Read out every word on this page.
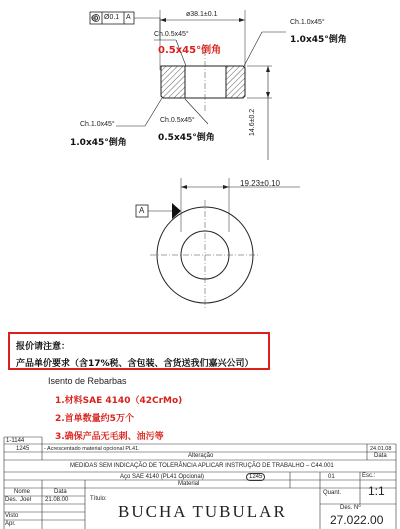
◎ Ø0.1 A	ø38.1±0.1
Ch.0.5x45°
0.5x45°倒角
Ch.1.0x45°
1.0x45°倒角
Ch.1.0x45°
1.0x45°倒角
Ch.0.5x45°
0.5x45°倒角
14.6±0.2
19.23±0.10
A
报价请注意：
产品单价要求（含17%税、含包装、含货送我们嘉兴公司）
Isento de Rebarbas
1.材料SAE 4140（42CrMo)
2.首单数量约5万个
3.确保产品无毛刺、油污等
1-1144
1245	- Acrescentado material opcional PL41.	24.01.08
Alteração	Data
MEDIDAS SEM INDICAÇÃO DE TOLERÂNCIA APLICAR INSTRUÇÃO DE TRABALHO – C44.001
Aço SAE 4140 (PL41 Opcional)	1245	01	Esc.:
Material
Quant. 1:1
Nome	Data
Título:
Des. Joel 21.08.00
Visto
Apr.
BUCHA TUBULAR	Des. Nº
27.022.00
